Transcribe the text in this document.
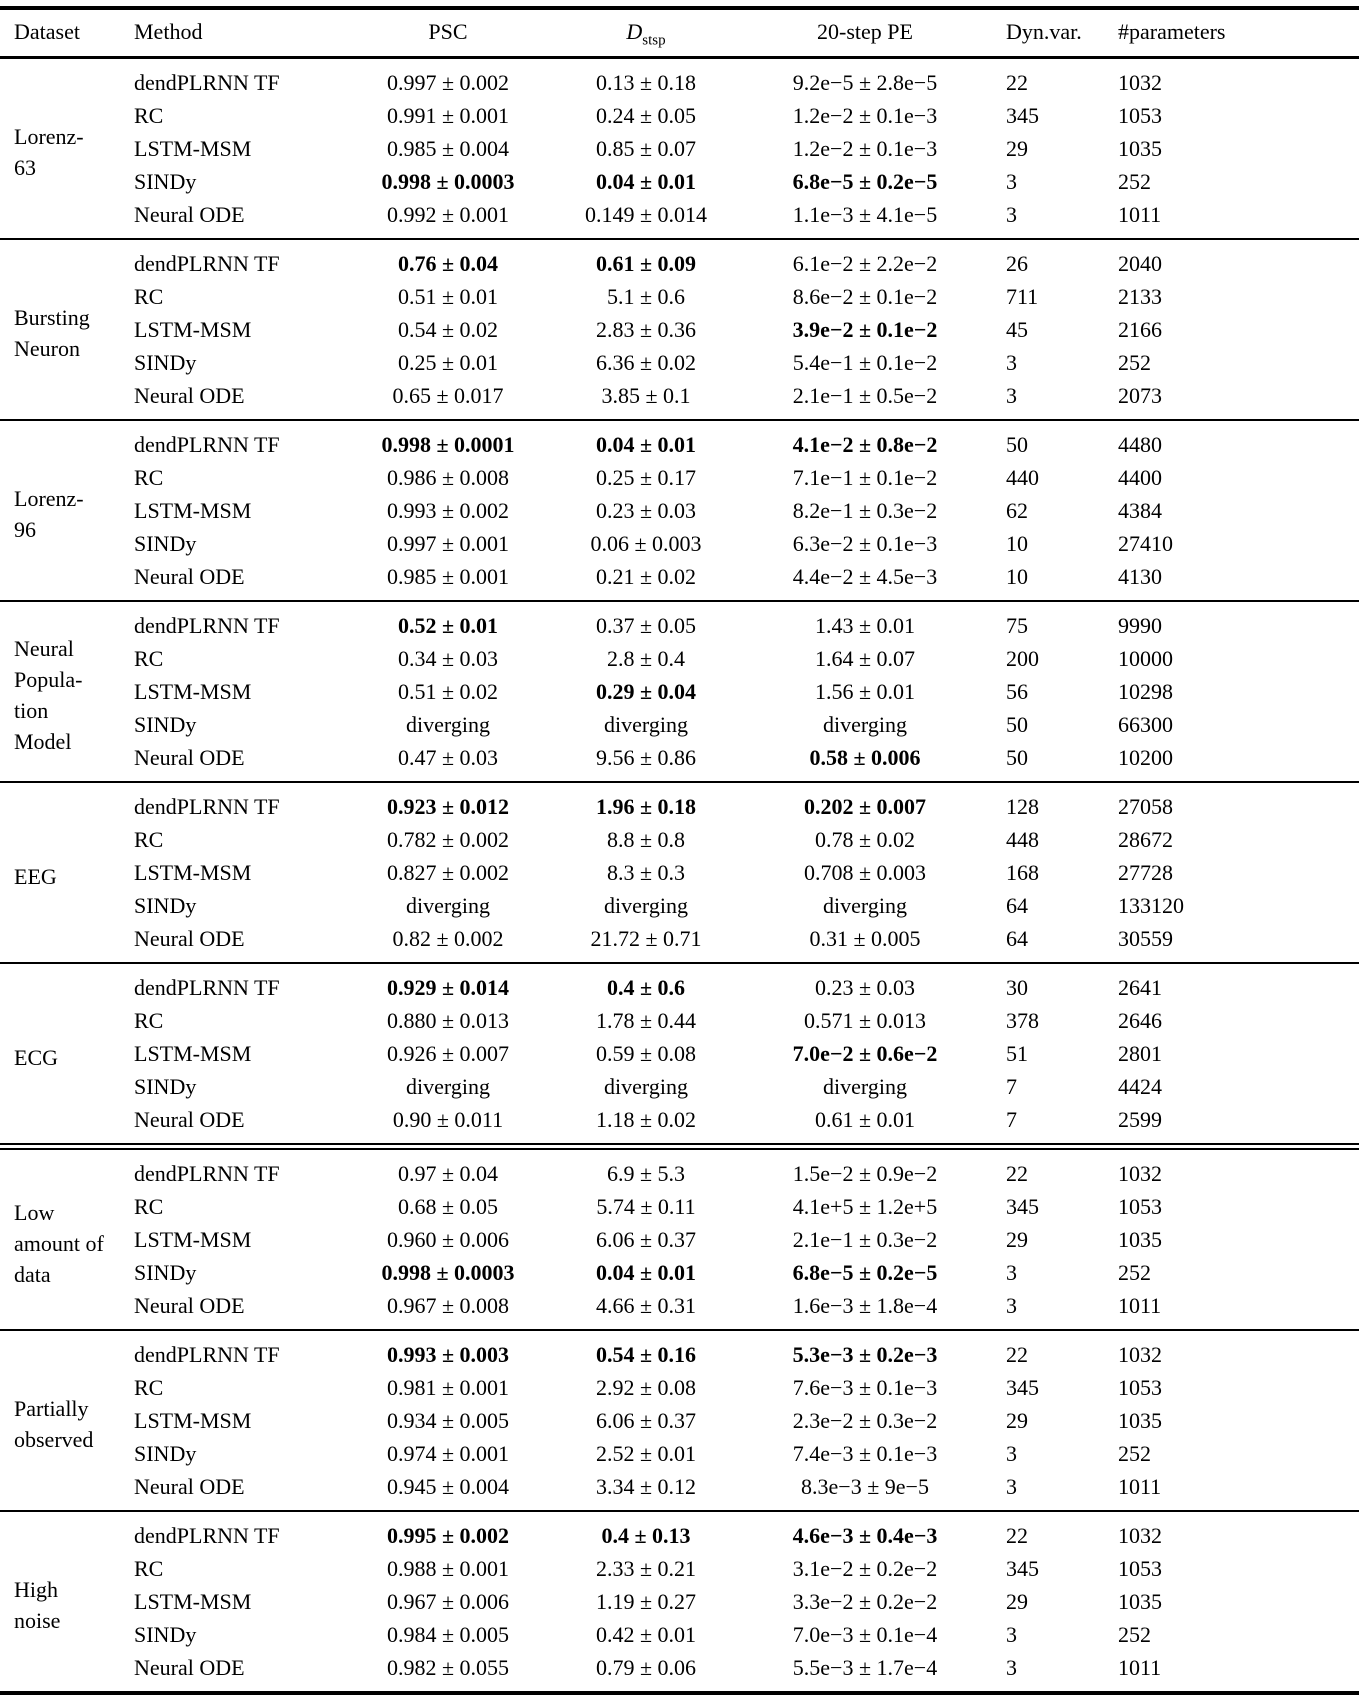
Dataset	Method	PSC	$D_{stsp}$	20-step PE	Dyn.var.	#parameters

Lorenz-
63	dendPLRNN TF	0.997 ± 0.002	0.13 ± 0.18	9.2e−5 ± 2.8e−5	22	1032
	RC	0.991 ± 0.001	0.24 ± 0.05	1.2e−2 ± 0.1e−3	345	1053
	LSTM-MSM	0.985 ± 0.004	0.85 ± 0.07	1.2e−2 ± 0.1e−3	29	1035
	SINDy	0.998 ± 0.0003	0.04 ± 0.01	6.8e−5 ± 0.2e−5	3	252
	Neural ODE	0.992 ± 0.001	0.149 ± 0.014	1.1e−3 ± 4.1e−5	3	1011

Bursting
Neuron	dendPLRNN TF	0.76 ± 0.04	0.61 ± 0.09	6.1e−2 ± 2.2e−2	26	2040
	RC	0.51 ± 0.01	5.1 ± 0.6	8.6e−2 ± 0.1e−2	711	2133
	LSTM-MSM	0.54 ± 0.02	2.83 ± 0.36	3.9e−2 ± 0.1e−2	45	2166
	SINDy	0.25 ± 0.01	6.36 ± 0.02	5.4e−1 ± 0.1e−2	3	252
	Neural ODE	0.65 ± 0.017	3.85 ± 0.1	2.1e−1 ± 0.5e−2	3	2073

Lorenz-
96	dendPLRNN TF	0.998 ± 0.0001	0.04 ± 0.01	4.1e−2 ± 0.8e−2	50	4480
	RC	0.986 ± 0.008	0.25 ± 0.17	7.1e−1 ± 0.1e−2	440	4400
	LSTM-MSM	0.993 ± 0.002	0.23 ± 0.03	8.2e−1 ± 0.3e−2	62	4384
	SINDy	0.997 ± 0.001	0.06 ± 0.003	6.3e−2 ± 0.1e−3	10	27410
	Neural ODE	0.985 ± 0.001	0.21 ± 0.02	4.4e−2 ± 4.5e−3	10	4130

Neural
Popula-
tion
Model	dendPLRNN TF	0.52 ± 0.01	0.37 ± 0.05	1.43 ± 0.01	75	9990
	RC	0.34 ± 0.03	2.8 ± 0.4	1.64 ± 0.07	200	10000
	LSTM-MSM	0.51 ± 0.02	0.29 ± 0.04	1.56 ± 0.01	56	10298
	SINDy	diverging	diverging	diverging	50	66300
	Neural ODE	0.47 ± 0.03	9.56 ± 0.86	0.58 ± 0.006	50	10200

EEG	dendPLRNN TF	0.923 ± 0.012	1.96 ± 0.18	0.202 ± 0.007	128	27058
	RC	0.782 ± 0.002	8.8 ± 0.8	0.78 ± 0.02	448	28672
	LSTM-MSM	0.827 ± 0.002	8.3 ± 0.3	0.708 ± 0.003	168	27728
	SINDy	diverging	diverging	diverging	64	133120
	Neural ODE	0.82 ± 0.002	21.72 ± 0.71	0.31 ± 0.005	64	30559

ECG	dendPLRNN TF	0.929 ± 0.014	0.4 ± 0.6	0.23 ± 0.03	30	2641
	RC	0.880 ± 0.013	1.78 ± 0.44	0.571 ± 0.013	378	2646
	LSTM-MSM	0.926 ± 0.007	0.59 ± 0.08	7.0e−2 ± 0.6e−2	51	2801
	SINDy	diverging	diverging	diverging	7	4424
	Neural ODE	0.90 ± 0.011	1.18 ± 0.02	0.61 ± 0.01	7	2599

Low
amount of
data	dendPLRNN TF	0.97 ± 0.04	6.9 ± 5.3	1.5e−2 ± 0.9e−2	22	1032
	RC	0.68 ± 0.05	5.74 ± 0.11	4.1e+5 ± 1.2e+5	345	1053
	LSTM-MSM	0.960 ± 0.006	6.06 ± 0.37	2.1e−1 ± 0.3e−2	29	1035
	SINDy	0.998 ± 0.0003	0.04 ± 0.01	6.8e−5 ± 0.2e−5	3	252
	Neural ODE	0.967 ± 0.008	4.66 ± 0.31	1.6e−3 ± 1.8e−4	3	1011

Partially
observed	dendPLRNN TF	0.993 ± 0.003	0.54 ± 0.16	5.3e−3 ± 0.2e−3	22	1032
	RC	0.981 ± 0.001	2.92 ± 0.08	7.6e−3 ± 0.1e−3	345	1053
	LSTM-MSM	0.934 ± 0.005	6.06 ± 0.37	2.3e−2 ± 0.3e−2	29	1035
	SINDy	0.974 ± 0.001	2.52 ± 0.01	7.4e−3 ± 0.1e−3	3	252
	Neural ODE	0.945 ± 0.004	3.34 ± 0.12	8.3e−3 ± 9e−5	3	1011

High
noise	dendPLRNN TF	0.995 ± 0.002	0.4 ± 0.13	4.6e−3 ± 0.4e−3	22	1032
	RC	0.988 ± 0.001	2.33 ± 0.21	3.1e−2 ± 0.2e−2	345	1053
	LSTM-MSM	0.967 ± 0.006	1.19 ± 0.27	3.3e−2 ± 0.2e−2	29	1035
	SINDy	0.984 ± 0.005	0.42 ± 0.01	7.0e−3 ± 0.1e−4	3	252
	Neural ODE	0.982 ± 0.055	0.79 ± 0.06	5.5e−3 ± 1.7e−4	3	1011
